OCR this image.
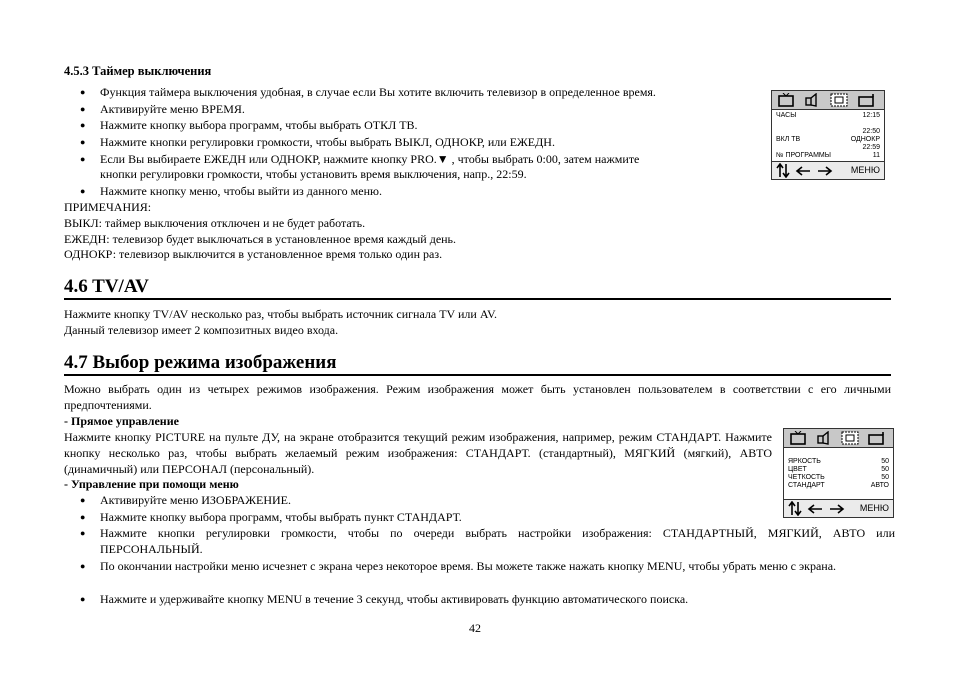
4.5.3 Таймер выключения
● Функция таймера выключения удобная, в случае если Вы хотите включить телевизор в определенное время.
● Активируйте меню ВРЕМЯ.
● Нажмите кнопку выбора программ, чтобы выбрать ОТКЛ ТВ.
● Нажмите кнопки регулировки громкости, чтобы выбрать ВЫКЛ, ОДНОКР, или ЕЖЕДН.
● Если Вы выбираете ЕЖЕДН или ОДНОКР, нажмите кнопку PRO.▼ , чтобы выбрать 0:00, затем нажмите
кнопки регулировки громкости, чтобы установить время выключения, напр., 22:59.
● Нажмите кнопку меню, чтобы выйти из данного меню.
ПРИМЕЧАНИЯ:
ВЫКЛ: таймер выключения отключен и не будет работать.
ЕЖЕДН: телевизор будет выключаться в установленное время каждый день.
ОДНОКР: телевизор выключится в установленное время только один раз.
ЧАСЫ	12:15
ОТКЛ ТВ	ЕЖЕДН
22:50
ВКЛ ТВ	ОДНОКР
22:59
№ ПРОГРАММЫ	11
МЕНЮ
4.6 TV/AV
Нажмите кнопку TV/AV несколько раз, чтобы выбрать источник сигнала TV или AV.
Данный телевизор имеет 2 композитных видео входа.
4.7 Выбор режима изображения
Можно выбрать один из четырех режимов изображения. Режим изображения может быть установлен пользователем в соответствии с его личными предпочтениями.
- Прямое управление
Нажмите кнопку PICTURE на пульте ДУ, на экране отобразится текущий режим изображения, например, режим СТАНДАРТ. Нажмите кнопку несколько раз, чтобы выбрать желаемый режим изображения: СТАНДАРТ. (стандартный), МЯГКИЙ (мягкий), АВТО (динамичный) или ПЕРСОНАЛ (персональный).
- Управление при помощи меню
● Активируйте меню ИЗОБРАЖЕНИЕ.
● Нажмите кнопку выбора программ, чтобы выбрать пункт СТАНДАРТ.
● Нажмите кнопки регулировки громкости, чтобы по очереди выбрать настройки изображения: СТАНДАРТНЫЙ, МЯГКИЙ, АВТО или ПЕРСОНАЛЬНЫЙ.
● По окончании настройки меню исчезнет с экрана через некоторое время. Вы можете также нажать кнопку MENU, чтобы убрать меню с экрана.
● Нажмите и удерживайте кнопку MENU в течение 3 секунд, чтобы активировать функцию автоматического поиска.
КОНТРАСТНОСТЬ	90
ЯРКОСТЬ	50
ЦВЕТ	50
ЧЕТКОСТЬ	50
СТАНДАРТ	АВТО
МЕНЮ
42
